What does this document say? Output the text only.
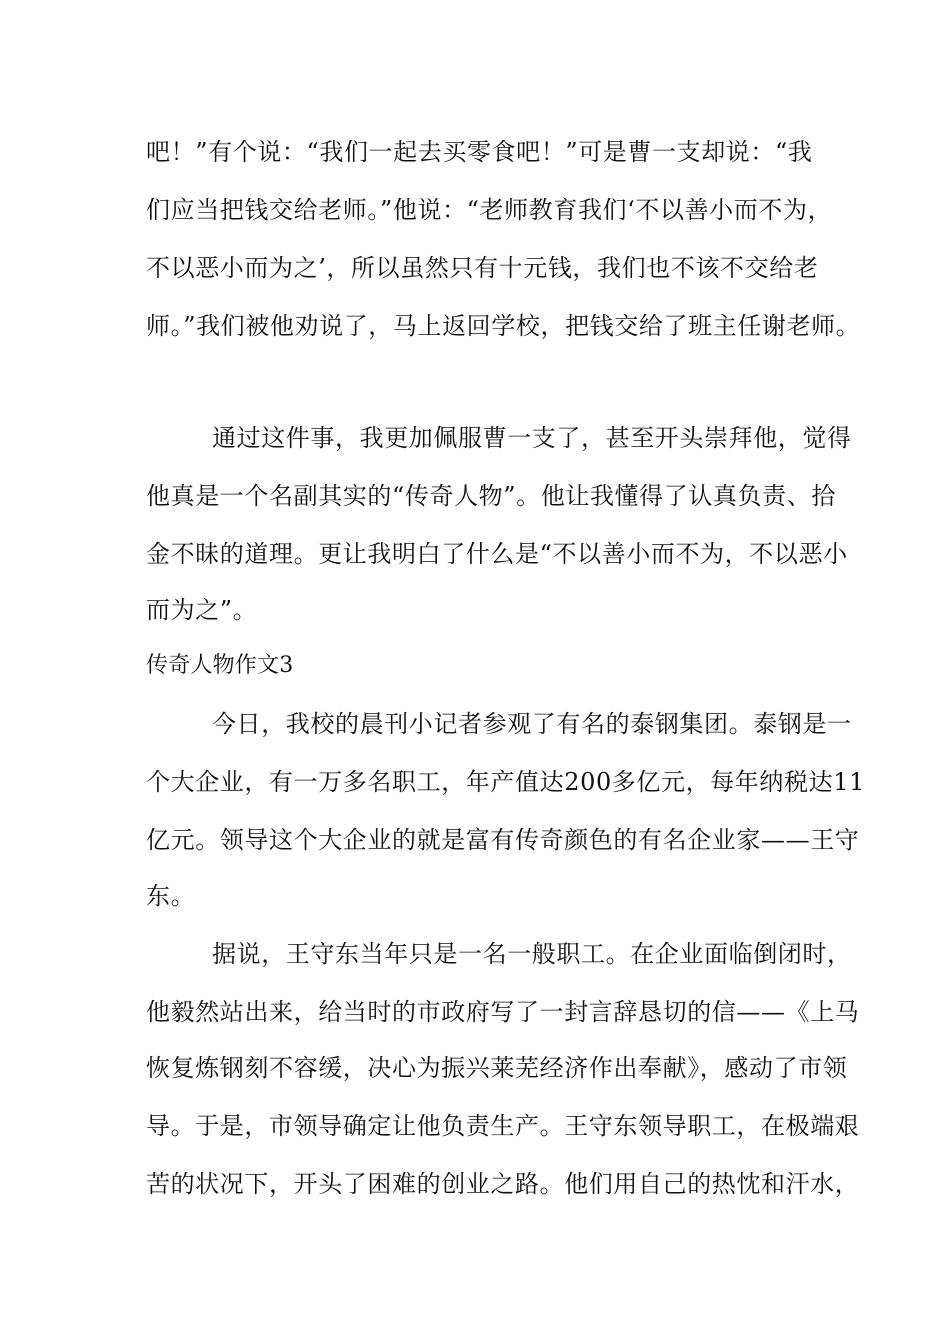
吧！”有个说：“我们一起去买零食吧！”可是曹一支却说：“我
们应当把钱交给老师。”他说：“老师教育我们‘不以善小而不为，
不以恶小而为之’，所以虽然只有十元钱，我们也不该不交给老
师。”我们被他劝说了，马上返回学校，把钱交给了班主任谢老师。
通过这件事，我更加佩服曹一支了，甚至开头崇拜他，觉得
他真是一个名副其实的“传奇人物”。他让我懂得了认真负责、拾
金不昧的道理。更让我明白了什么是“不以善小而不为，不以恶小
而为之”。
传奇人物作文3
今日，我校的晨刊小记者参观了有名的泰钢集团。泰钢是一
个大企业，有一万多名职工，年产值达200多亿元，每年纳税达11
亿元。领导这个大企业的就是富有传奇颜色的有名企业家——王守
东。
据说，王守东当年只是一名一般职工。在企业面临倒闭时，
他毅然站出来，给当时的市政府写了一封言辞恳切的信——《上马
恢复炼钢刻不容缓，决心为振兴莱芜经济作出奉献》，感动了市领
导。于是，市领导确定让他负责生产。王守东领导职工，在极端艰
苦的状况下，开头了困难的创业之路。他们用自己的热忱和汗水，
